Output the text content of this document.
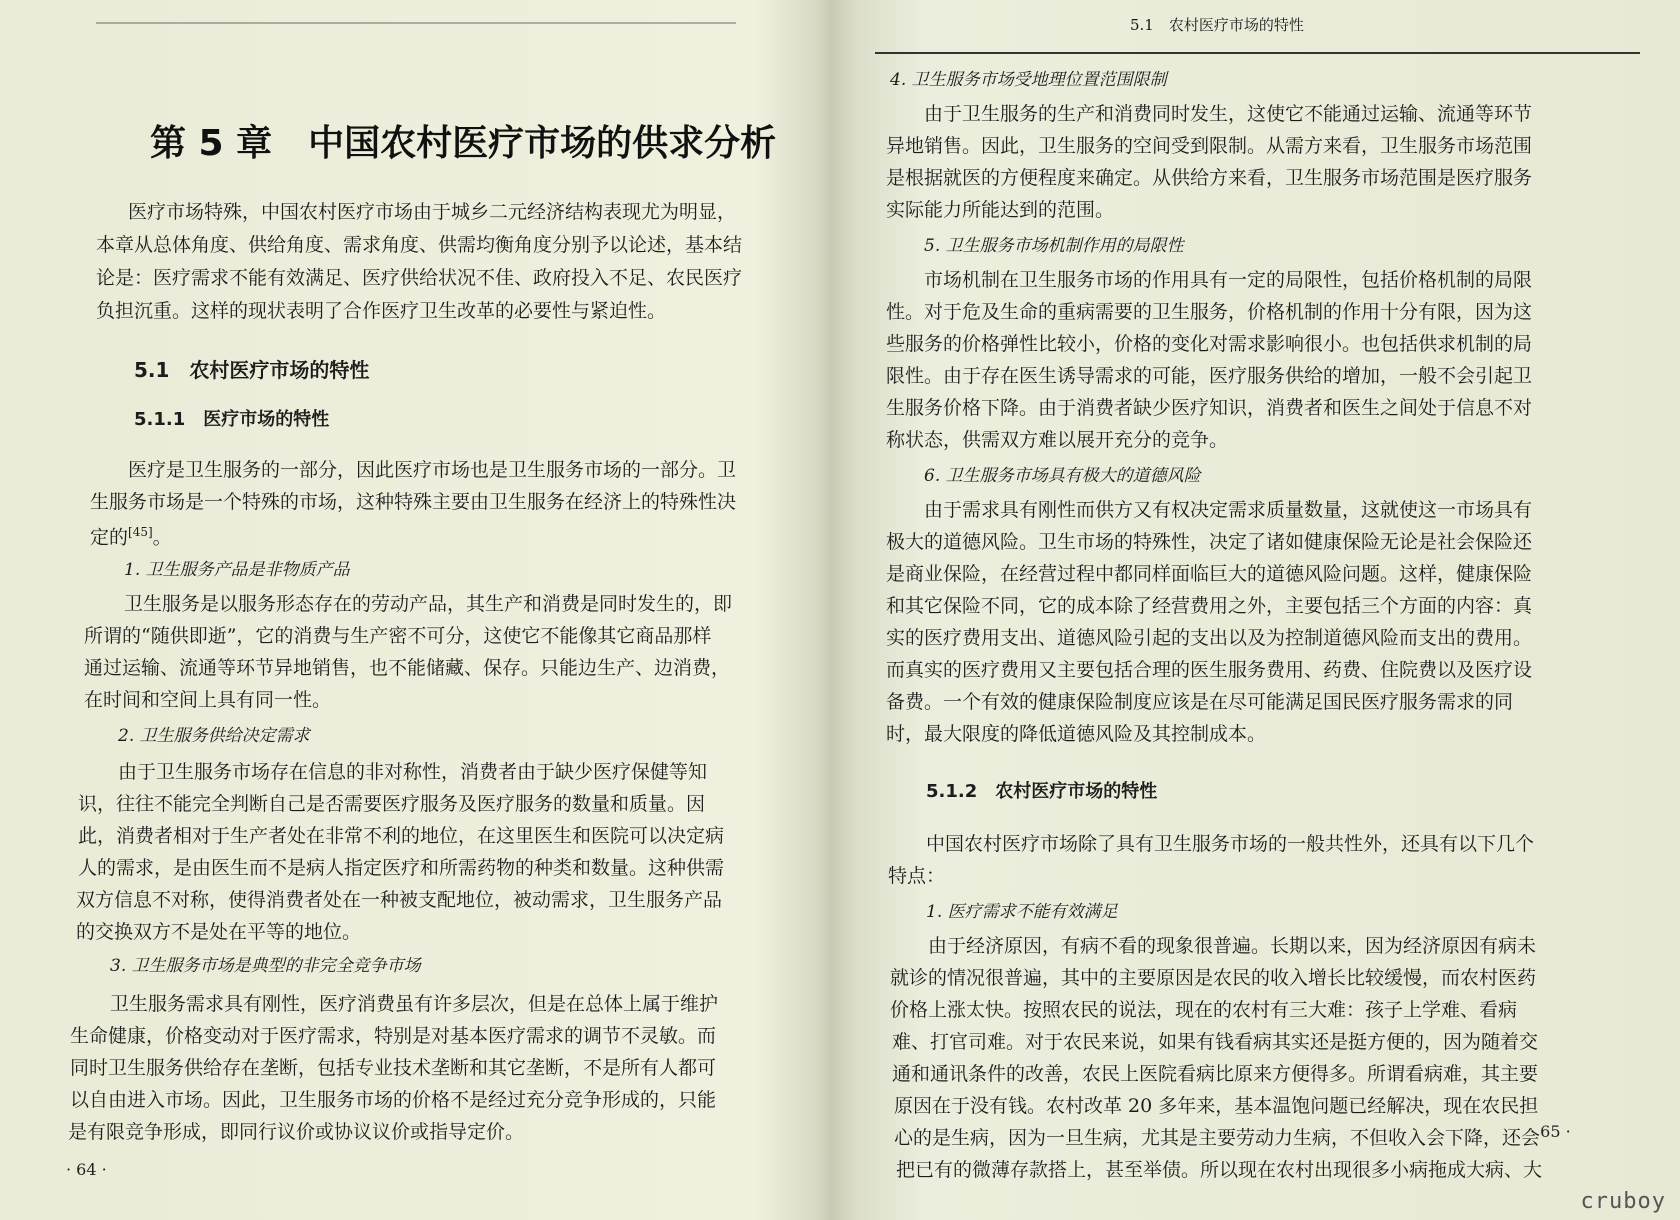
第 5 章　中国农村医疗市场的供求分析
医疗市场特殊，中国农村医疗市场由于城乡二元经济结构表现尤为明显，
本章从总体角度、供给角度、需求角度、供需均衡角度分别予以论述，基本结
论是：医疗需求不能有效满足、医疗供给状况不佳、政府投入不足、农民医疗
负担沉重。这样的现状表明了合作医疗卫生改革的必要性与紧迫性。
5.1　农村医疗市场的特性
5.1.1　医疗市场的特性
医疗是卫生服务的一部分，因此医疗市场也是卫生服务市场的一部分。卫
生服务市场是一个特殊的市场，这种特殊主要由卫生服务在经济上的特殊性决
定的[45]。
1. 卫生服务产品是非物质产品
卫生服务是以服务形态存在的劳动产品，其生产和消费是同时发生的，即
所谓的“随供即逝”，它的消费与生产密不可分，这使它不能像其它商品那样
通过运输、流通等环节异地销售，也不能储藏、保存。只能边生产、边消费，
在时间和空间上具有同一性。
2. 卫生服务供给决定需求
由于卫生服务市场存在信息的非对称性，消费者由于缺少医疗保健等知
识，往往不能完全判断自己是否需要医疗服务及医疗服务的数量和质量。因
此，消费者相对于生产者处在非常不利的地位，在这里医生和医院可以决定病
人的需求，是由医生而不是病人指定医疗和所需药物的种类和数量。这种供需
双方信息不对称，使得消费者处在一种被支配地位，被动需求，卫生服务产品
的交换双方不是处在平等的地位。
3. 卫生服务市场是典型的非完全竞争市场
卫生服务需求具有刚性，医疗消费虽有许多层次，但是在总体上属于维护
生命健康，价格变动对于医疗需求，特别是对基本医疗需求的调节不灵敏。而
同时卫生服务供给存在垄断，包括专业技术垄断和其它垄断，不是所有人都可
以自由进入市场。因此，卫生服务市场的价格不是经过充分竞争形成的，只能
是有限竞争形成，即同行议价或协议议价或指导定价。
· 64 ·
5.1　农村医疗市场的特性
4. 卫生服务市场受地理位置范围限制
由于卫生服务的生产和消费同时发生，这使它不能通过运输、流通等环节
异地销售。因此，卫生服务的空间受到限制。从需方来看，卫生服务市场范围
是根据就医的方便程度来确定。从供给方来看，卫生服务市场范围是医疗服务
实际能力所能达到的范围。
5. 卫生服务市场机制作用的局限性
市场机制在卫生服务市场的作用具有一定的局限性，包括价格机制的局限
性。对于危及生命的重病需要的卫生服务，价格机制的作用十分有限，因为这
些服务的价格弹性比较小，价格的变化对需求影响很小。也包括供求机制的局
限性。由于存在医生诱导需求的可能，医疗服务供给的增加，一般不会引起卫
生服务价格下降。由于消费者缺少医疗知识，消费者和医生之间处于信息不对
称状态，供需双方难以展开充分的竞争。
6. 卫生服务市场具有极大的道德风险
由于需求具有刚性而供方又有权决定需求质量数量，这就使这一市场具有
极大的道德风险。卫生市场的特殊性，决定了诸如健康保险无论是社会保险还
是商业保险，在经营过程中都同样面临巨大的道德风险问题。这样，健康保险
和其它保险不同，它的成本除了经营费用之外，主要包括三个方面的内容：真
实的医疗费用支出、道德风险引起的支出以及为控制道德风险而支出的费用。
而真实的医疗费用又主要包括合理的医生服务费用、药费、住院费以及医疗设
备费。一个有效的健康保险制度应该是在尽可能满足国民医疗服务需求的同
时，最大限度的降低道德风险及其控制成本。
5.1.2　农村医疗市场的特性
中国农村医疗市场除了具有卫生服务市场的一般共性外，还具有以下几个
特点：
1. 医疗需求不能有效满足
由于经济原因，有病不看的现象很普遍。长期以来，因为经济原因有病未
就诊的情况很普遍，其中的主要原因是农民的收入增长比较缓慢，而农村医药
价格上涨太快。按照农民的说法，现在的农村有三大难：孩子上学难、看病
难、打官司难。对于农民来说，如果有钱看病其实还是挺方便的，因为随着交
通和通讯条件的改善，农民上医院看病比原来方便得多。所谓看病难，其主要
原因在于没有钱。农村改革 20 多年来，基本温饱问题已经解决，现在农民担
心的是生病，因为一旦生病，尤其是主要劳动力生病，不但收入会下降，还会
把已有的微薄存款搭上，甚至举债。所以现在农村出现很多小病拖成大病、大
· 65 ·
cruboy
